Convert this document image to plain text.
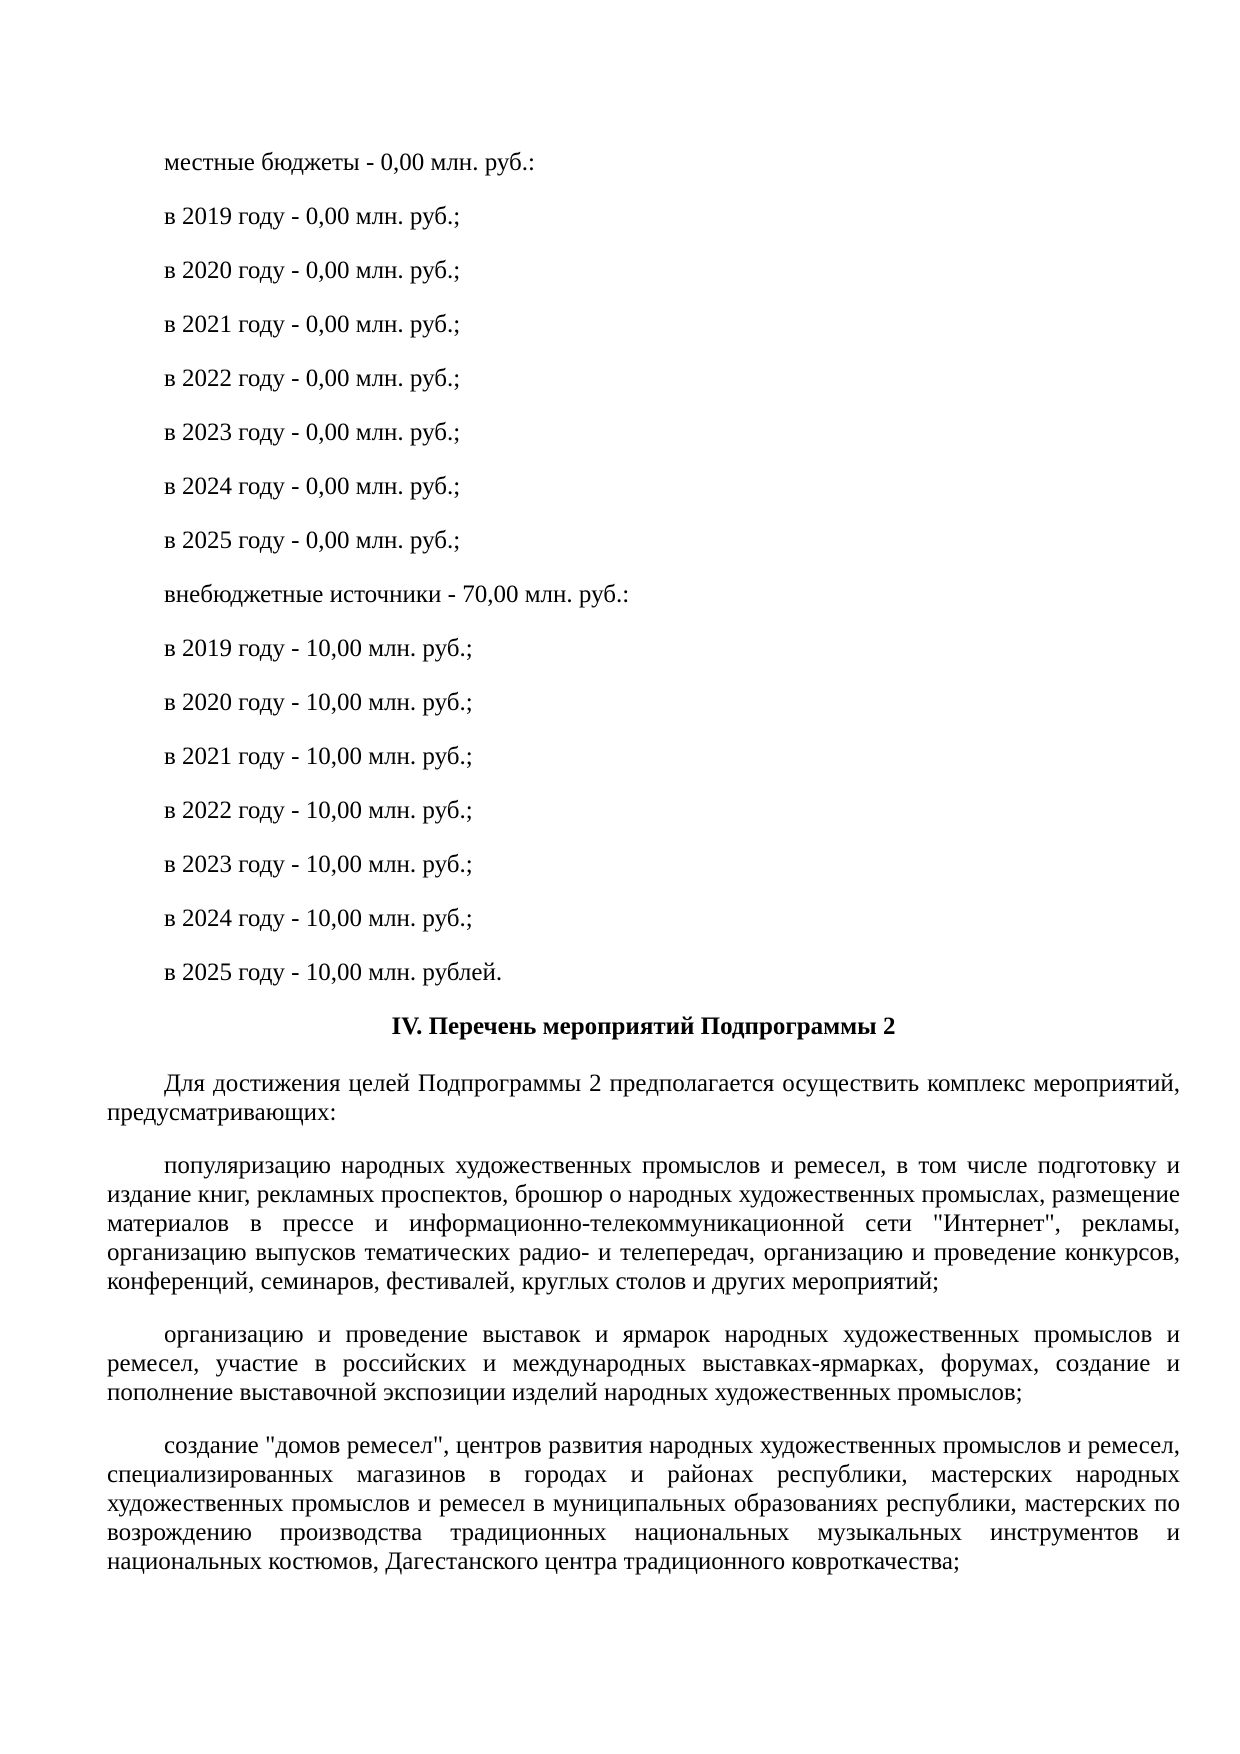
местные бюджеты - 0,00 млн. руб.:
в 2019 году - 0,00 млн. руб.;
в 2020 году - 0,00 млн. руб.;
в 2021 году - 0,00 млн. руб.;
в 2022 году - 0,00 млн. руб.;
в 2023 году - 0,00 млн. руб.;
в 2024 году - 0,00 млн. руб.;
в 2025 году - 0,00 млн. руб.;
внебюджетные источники - 70,00 млн. руб.:
в 2019 году - 10,00 млн. руб.;
в 2020 году - 10,00 млн. руб.;
в 2021 году - 10,00 млн. руб.;
в 2022 году - 10,00 млн. руб.;
в 2023 году - 10,00 млн. руб.;
в 2024 году - 10,00 млн. руб.;
в 2025 году - 10,00 млн. рублей.
IV. Перечень мероприятий Подпрограммы 2
Для достижения целей Подпрограммы 2 предполагается осуществить комплекс мероприятий, предусматривающих:
популяризацию народных художественных промыслов и ремесел, в том числе подготовку и издание книг, рекламных проспектов, брошюр о народных художественных промыслах, размещение материалов в прессе и информационно-телекоммуникационной сети "Интернет", рекламы, организацию выпусков тематических радио- и телепередач, организацию и проведение конкурсов, конференций, семинаров, фестивалей, круглых столов и других мероприятий;
организацию и проведение выставок и ярмарок народных художественных промыслов и ремесел, участие в российских и международных выставках-ярмарках, форумах, создание и пополнение выставочной экспозиции изделий народных художественных промыслов;
создание "домов ремесел", центров развития народных художественных промыслов и ремесел, специализированных магазинов в городах и районах республики, мастерских народных художественных промыслов и ремесел в муниципальных образованиях республики, мастерских по возрождению производства традиционных национальных музыкальных инструментов и национальных костюмов, Дагестанского центра традиционного ковроткачества;
